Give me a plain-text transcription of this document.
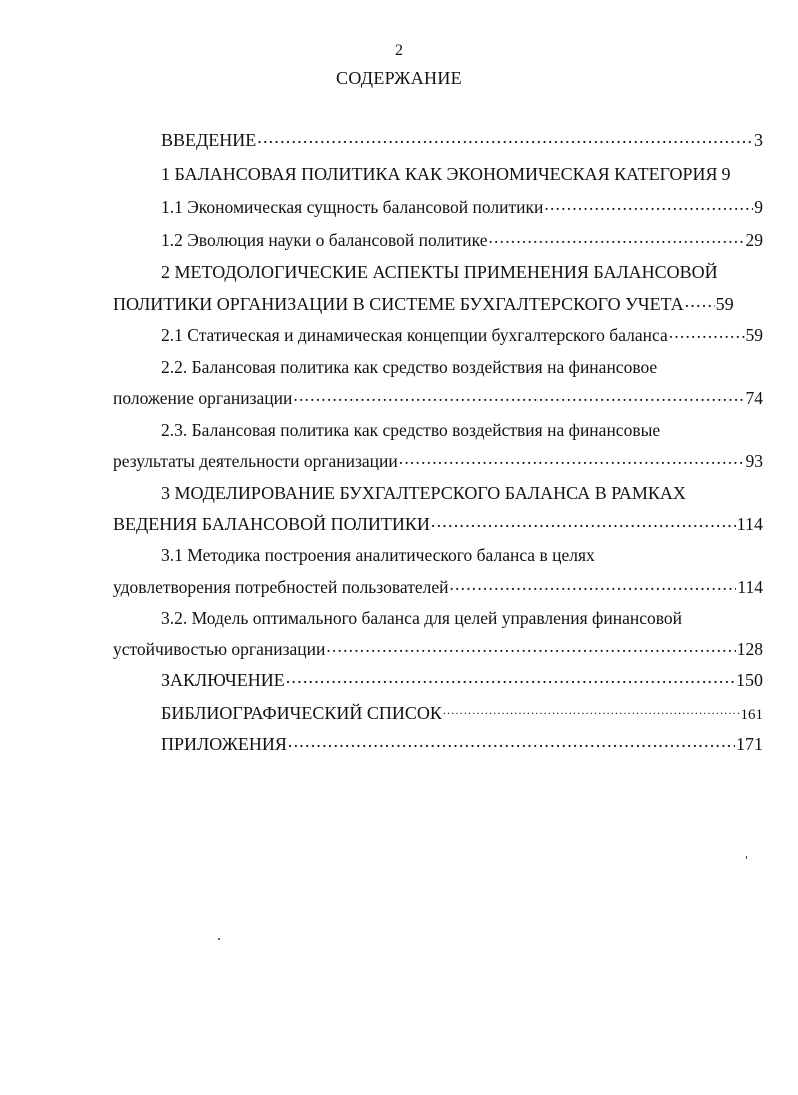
2
СОДЕРЖАНИЕ
ВВЕДЕНИЕ .....	3
1 БАЛАНСОВАЯ ПОЛИТИКА КАК ЭКОНОМИЧЕСКАЯ КАТЕГОРИЯ 9
1.1 Экономическая сущность балансовой политики .....	9
1.2 Эволюция науки о балансовой политике .....	29
2 МЕТОДОЛОГИЧЕСКИЕ АСПЕКТЫ ПРИМЕНЕНИЯ БАЛАНСОВОЙ
ПОЛИТИКИ ОРГАНИЗАЦИИ В СИСТЕМЕ БУХГАЛТЕРСКОГО УЧЕТА ..... 59
2.1 Статическая и динамическая концепции бухгалтерского баланса .....	59
2.2. Балансовая политика как средство воздействия на финансовое
положение организации .....	74
2.3. Балансовая политика как средство воздействия на финансовые
результаты деятельности организации .....	93
3 МОДЕЛИРОВАНИЕ БУХГАЛТЕРСКОГО БАЛАНСА В РАМКАХ
ВЕДЕНИЯ БАЛАНСОВОЙ ПОЛИТИКИ .....	114
3.1 Методика построения аналитического баланса в целях
удовлетворения потребностей пользователей .....	114
3.2. Модель оптимального баланса для целей управления финансовой
устойчивостью организации .....	128
ЗАКЛЮЧЕНИЕ .....	150
БИБЛИОГРАФИЧЕСКИЙ СПИСОК .....	161
ПРИЛОЖЕНИЯ .....	171
